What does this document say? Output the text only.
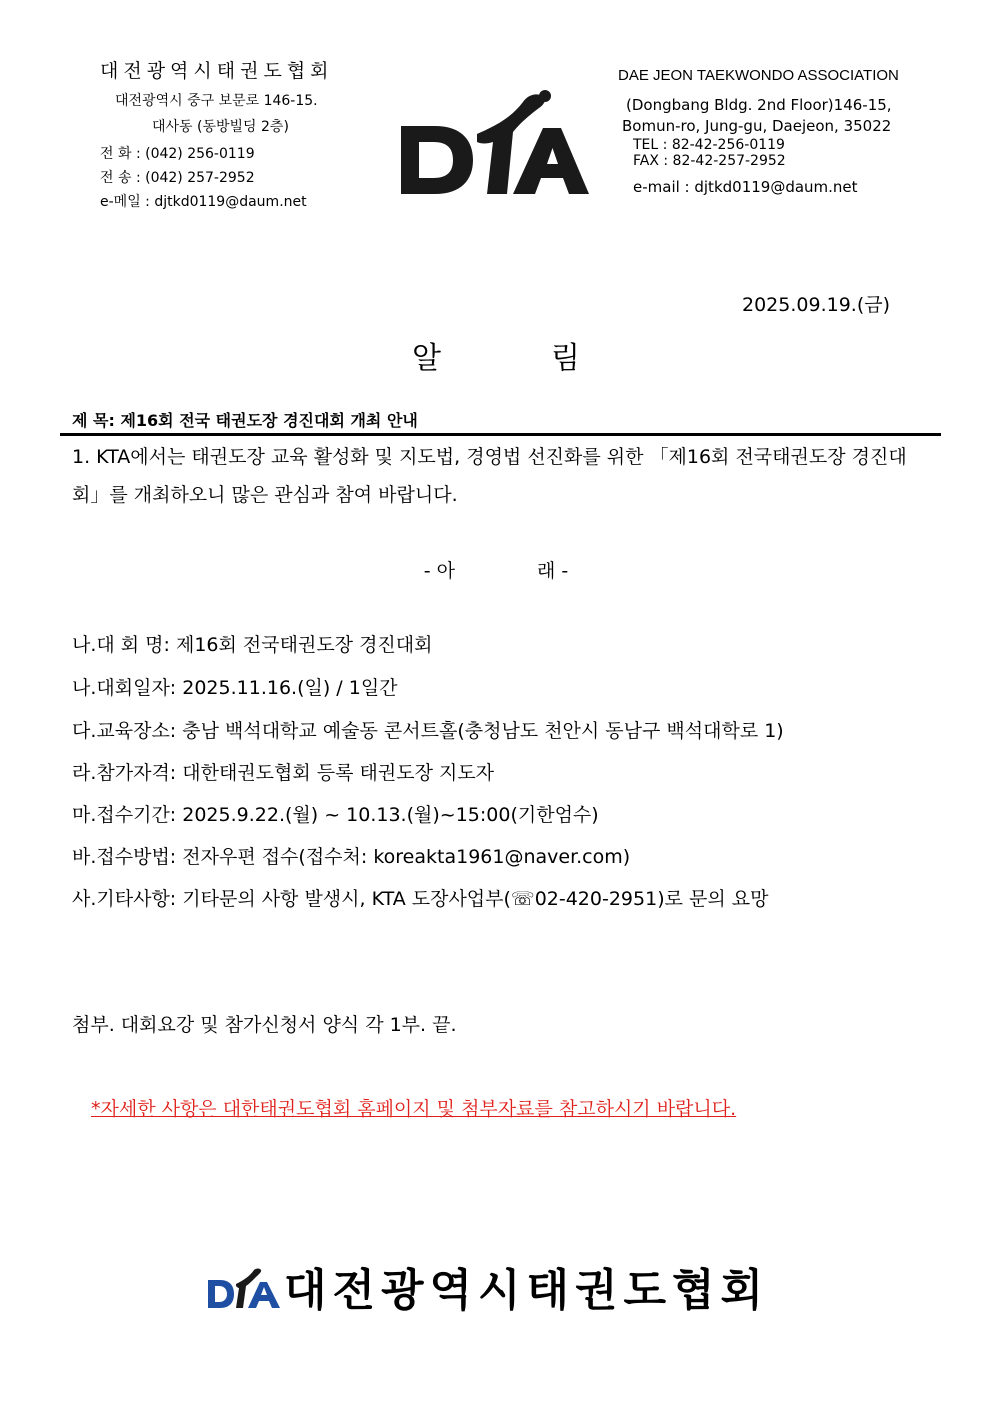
대전광역시태권도협회
대전광역시 중구 보문로 146-15.
대사동 (동방빌딩 2층)
전 화 : (042) 256-0119
전 송 : (042) 257-2952
e-메일 : djtkd0119@daum.net
DAE JEON TAEKWONDO ASSOCIATION
(Dongbang Bldg. 2nd Floor)146-15,
Bomun-ro, Jung-gu, Daejeon, 35022
TEL : 82-42-256-0119
FAX : 82-42-257-2952
e-mail : djtkd0119@daum.net
2025.09.19.(금)
알	림
제 목: 제16회 전국 태권도장 경진대회 개최 안내
1. KTA에서는 태권도장 교육 활성화 및 지도법, 경영법 선진화를 위한 「제16회 전국태권도장 경진대회」를 개최하오니 많은 관심과 참여 바랍니다.
- 아	래 -
나.대 회 명: 제16회 전국태권도장 경진대회
나.대회일자: 2025.11.16.(일) / 1일간
다.교육장소: 충남 백석대학교 예술동 콘서트홀(충청남도 천안시 동남구 백석대학로 1)
라.참가자격: 대한태권도협회 등록 태권도장 지도자
마.접수기간: 2025.9.22.(월) ~ 10.13.(월)~15:00(기한엄수)
바.접수방법: 전자우편 접수(접수처: koreakta1961@naver.com)
사.기타사항: 기타문의 사항 발생시, KTA 도장사업부(☏02-420-2951)로 문의 요망
첨부. 대회요강 및 참가신청서 양식 각 1부. 끝.
*자세한 사항은 대한태권도협회 홈페이지 및 첨부자료를 참고하시기 바랍니다.
대전광역시태권도협회
